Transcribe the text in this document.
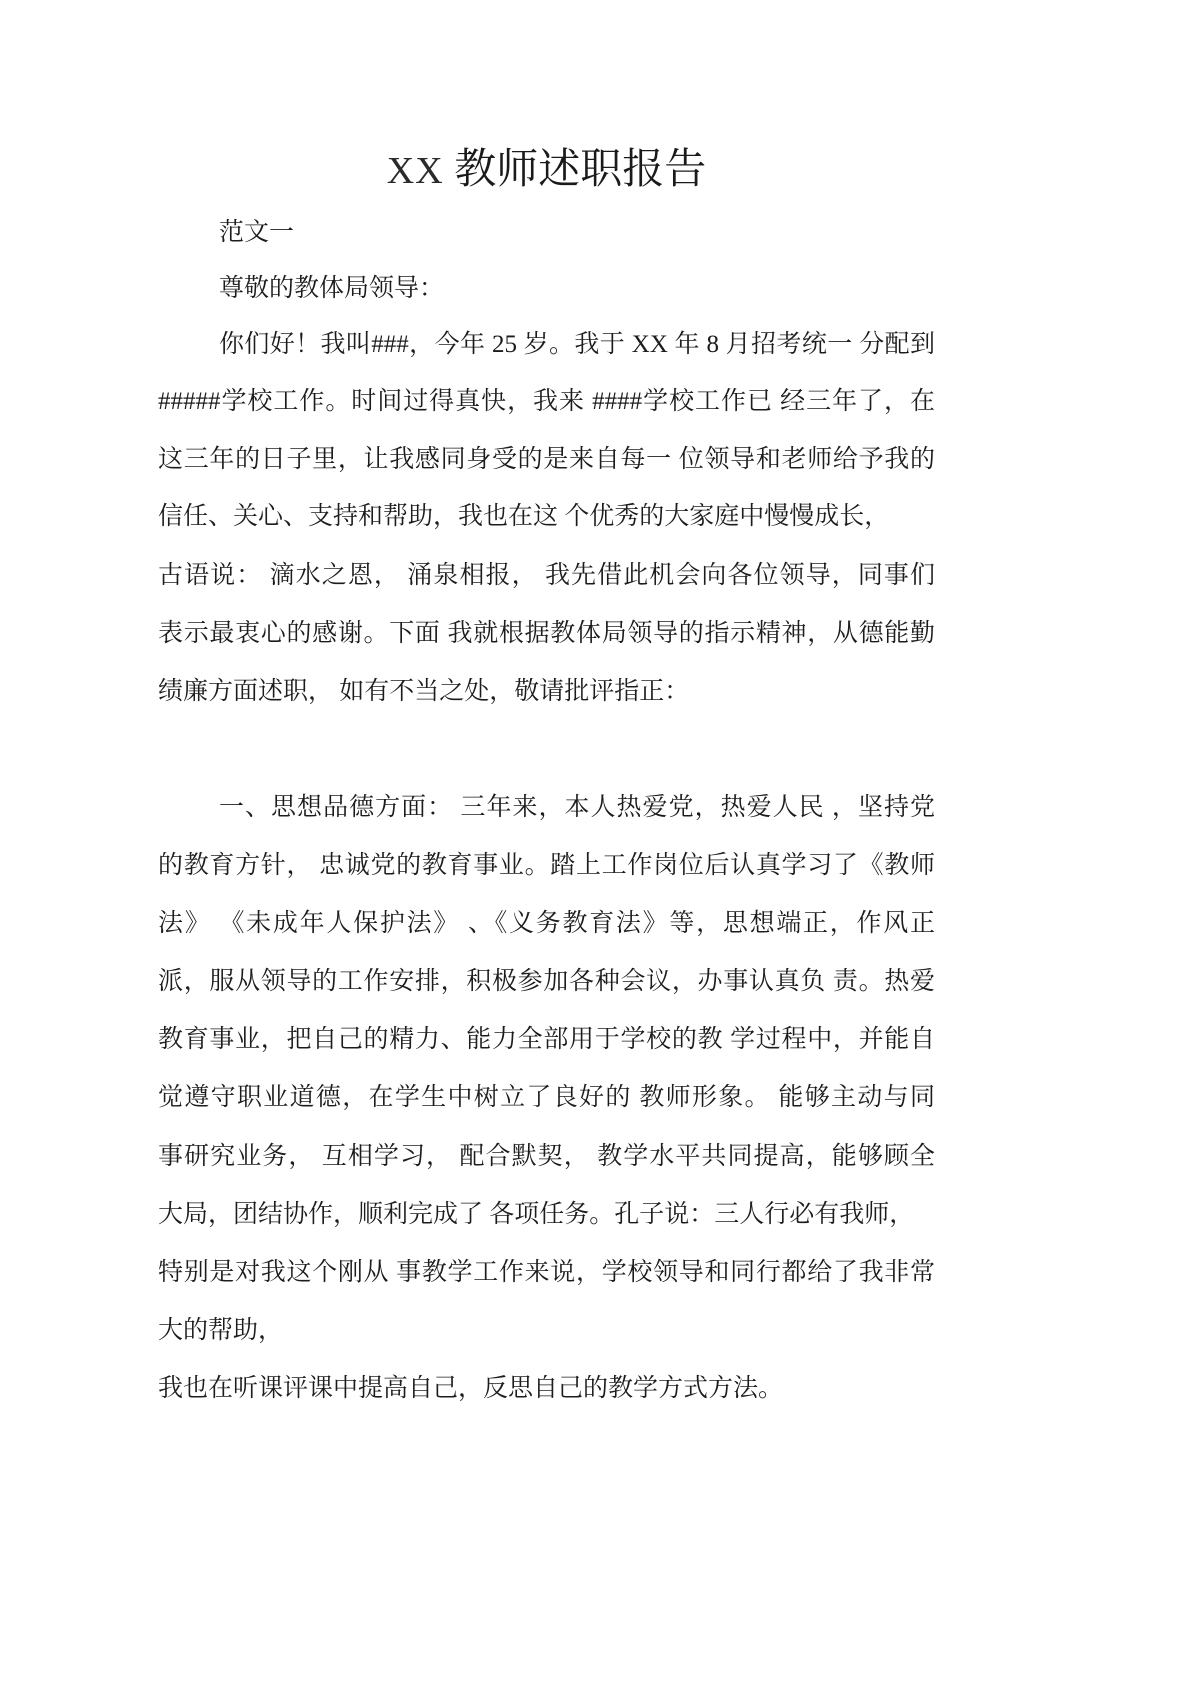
XX 教师述职报告
范文一
尊敬的教体局领导：
你们好！我叫###，今年 25 岁。我于 XX 年 8 月招考统一 分配到
#####学校工作。时间过得真快，我来 ####学校工作已 经三年了，在
这三年的日子里，让我感同身受的是来自每一 位领导和老师给予我的
信任、关心、支持和帮助，我也在这 个优秀的大家庭中慢慢成长，
古语说： 滴水之恩， 涌泉相报， 我先借此机会向各位领导，同事们
表示最衷心的感谢。下面 我就根据教体局领导的指示精神，从德能勤
绩廉方面述职， 如有不当之处，敬请批评指正：
一、思想品德方面： 三年来，本人热爱党，热爱人民 ，坚持党
的教育方针， 忠诚党的教育事业。踏上工作岗位后认真学习了《教师
法》 《未成年人保护法》 、《义务教育法》等，思想端正，作风正
派，服从领导的工作安排，积极参加各种会议，办事认真负 责。热爱
教育事业，把自己的精力、能力全部用于学校的教 学过程中，并能自
觉遵守职业道德，在学生中树立了良好的 教师形象。 能够主动与同
事研究业务， 互相学习， 配合默契， 教学水平共同提高，能够顾全
大局，团结协作，顺利完成了 各项任务。孔子说：三人行必有我师，
特别是对我这个刚从 事教学工作来说，学校领导和同行都给了我非常
大的帮助，
我也在听课评课中提高自己，反思自己的教学方式方法。
